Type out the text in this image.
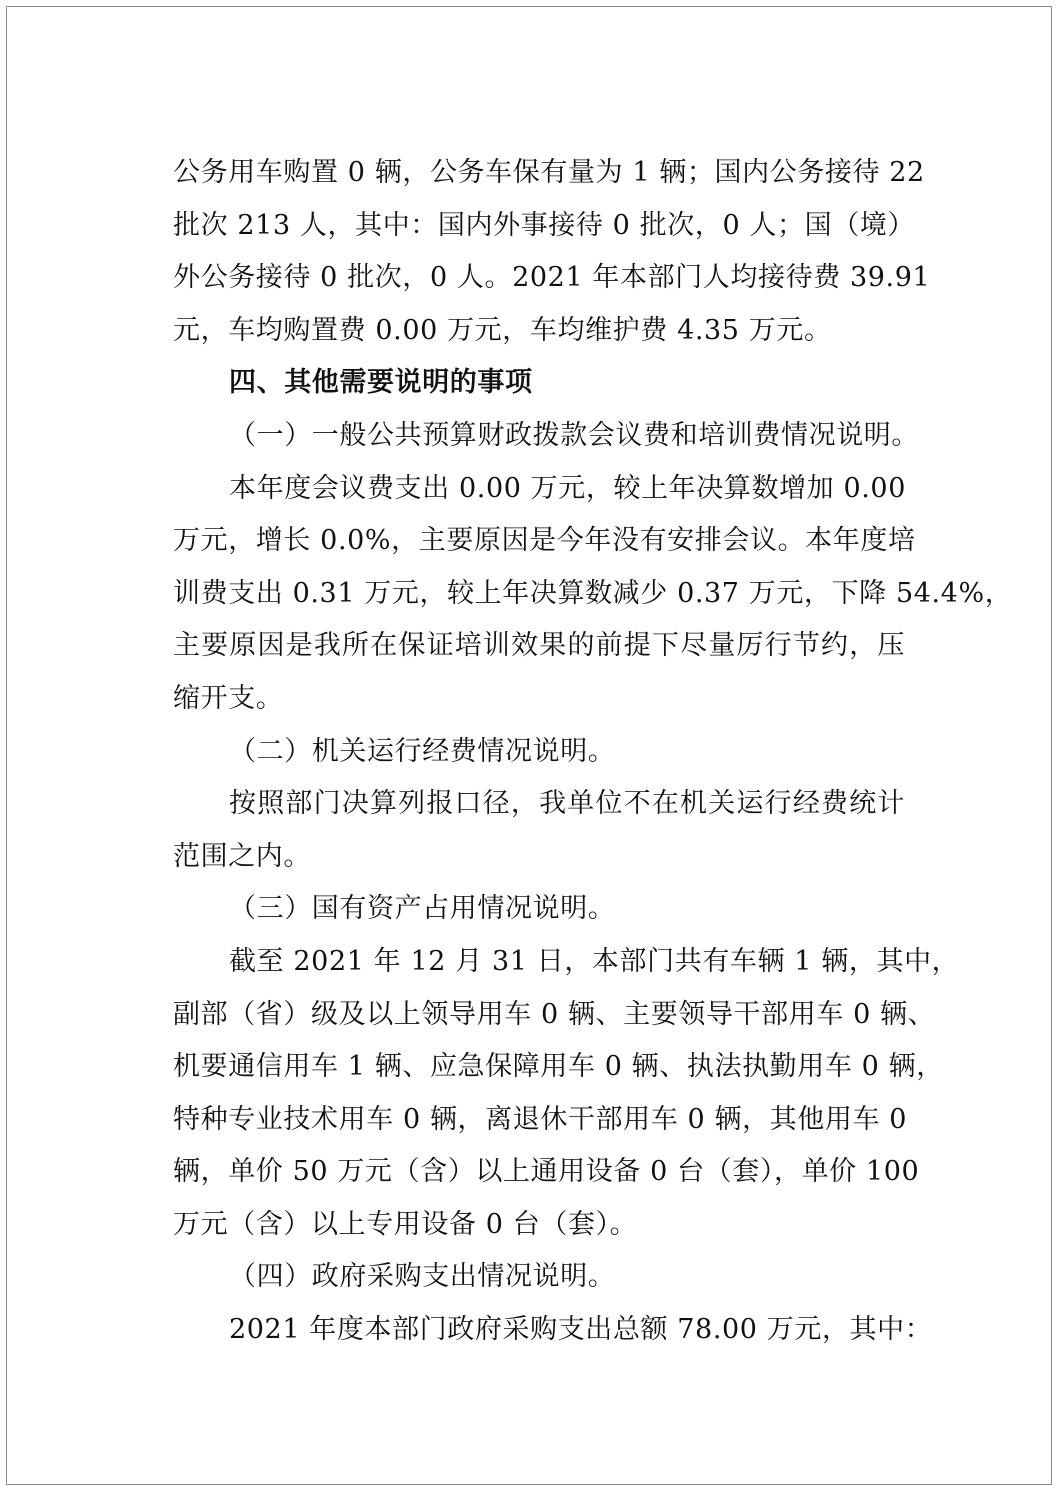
公务用车购置 0 辆，公务车保有量为 1 辆；国内公务接待 22
批次 213 人，其中：国内外事接待 0 批次，0 人；国（境）
外公务接待 0 批次，0 人。2021 年本部门人均接待费 39.91
元，车均购置费 0.00 万元，车均维护费 4.35 万元。

四、其他需要说明的事项

（一）一般公共预算财政拨款会议费和培训费情况说明。

本年度会议费支出 0.00 万元，较上年决算数增加 0.00
万元，增长 0.0%，主要原因是今年没有安排会议。本年度培
训费支出 0.31 万元，较上年决算数减少 0.37 万元，下降 54.4%，
主要原因是我所在保证培训效果的前提下尽量厉行节约，压
缩开支。

（二）机关运行经费情况说明。

按照部门决算列报口径，我单位不在机关运行经费统计
范围之内。

（三）国有资产占用情况说明。

截至 2021 年 12 月 31 日，本部门共有车辆 1 辆，其中，
副部（省）级及以上领导用车 0 辆、主要领导干部用车 0 辆、
机要通信用车 1 辆、应急保障用车 0 辆、执法执勤用车 0 辆，
特种专业技术用车 0 辆，离退休干部用车 0 辆，其他用车 0
辆，单价 50 万元（含）以上通用设备 0 台（套），单价 100
万元（含）以上专用设备 0 台（套）。

（四）政府采购支出情况说明。

2021 年度本部门政府采购支出总额 78.00 万元，其中：
